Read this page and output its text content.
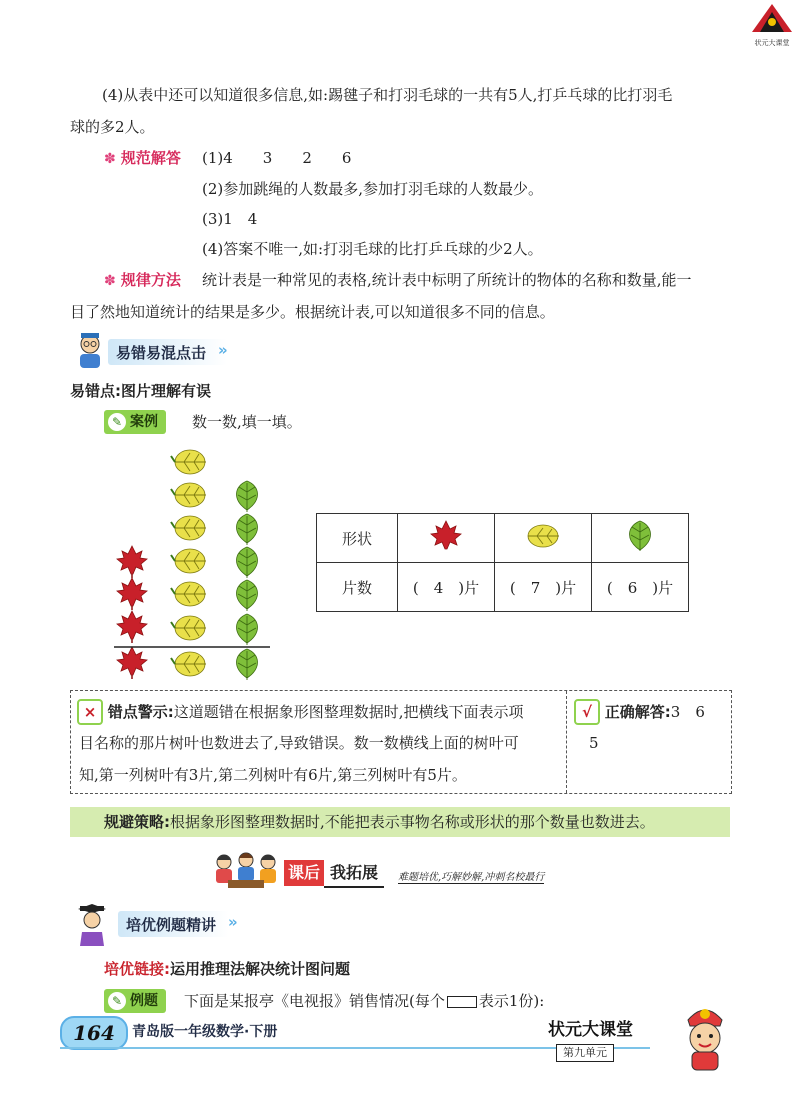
状元大课堂
(4)从表中还可以知道很多信息,如:踢毽子和打羽毛球的一共有5人,打乒乓球的比打羽毛
球的多2人。
✽ 规范解答 (1)4　　3　　2　　6
(2)参加跳绳的人数最多,参加打羽毛球的人数最少。
(3)1　4
(4)答案不唯一,如:打羽毛球的比打乒乓球的少2人。
✽ 规律方法 统计表是一种常见的表格,统计表中标明了所统计的物体的名称和数量,能一
目了然地知道统计的结果是多少。根据统计表,可以知道很多不同的信息。
易错易混点击 »
易错点:图片理解有误
✎ 案例	数一数,填一填。
形状			
片数	(　4　)片	(　7　)片	(　6　)片
× 错点警示:这道题错在根据象形图整理数据时,把横线下面表示项
目名称的那片树叶也数进去了,导致错误。数一数横线上面的树叶可
知,第一列树叶有3片,第二列树叶有6片,第三列树叶有5片。
√ 正确解答:3　6
5
规避策略:根据象形图整理数据时,不能把表示事物名称或形状的那个数量也数进去。
课后 我拓展	难题培优,巧解妙解,冲刺名校最行
培优例题精讲 »
培优链接:运用推理法解决统计图问题
✎ 例题	下面是某报亭《电视报》销售情况(每个 表示1份):
164	青岛版一年级数学·下册	状元大课堂
第九单元
